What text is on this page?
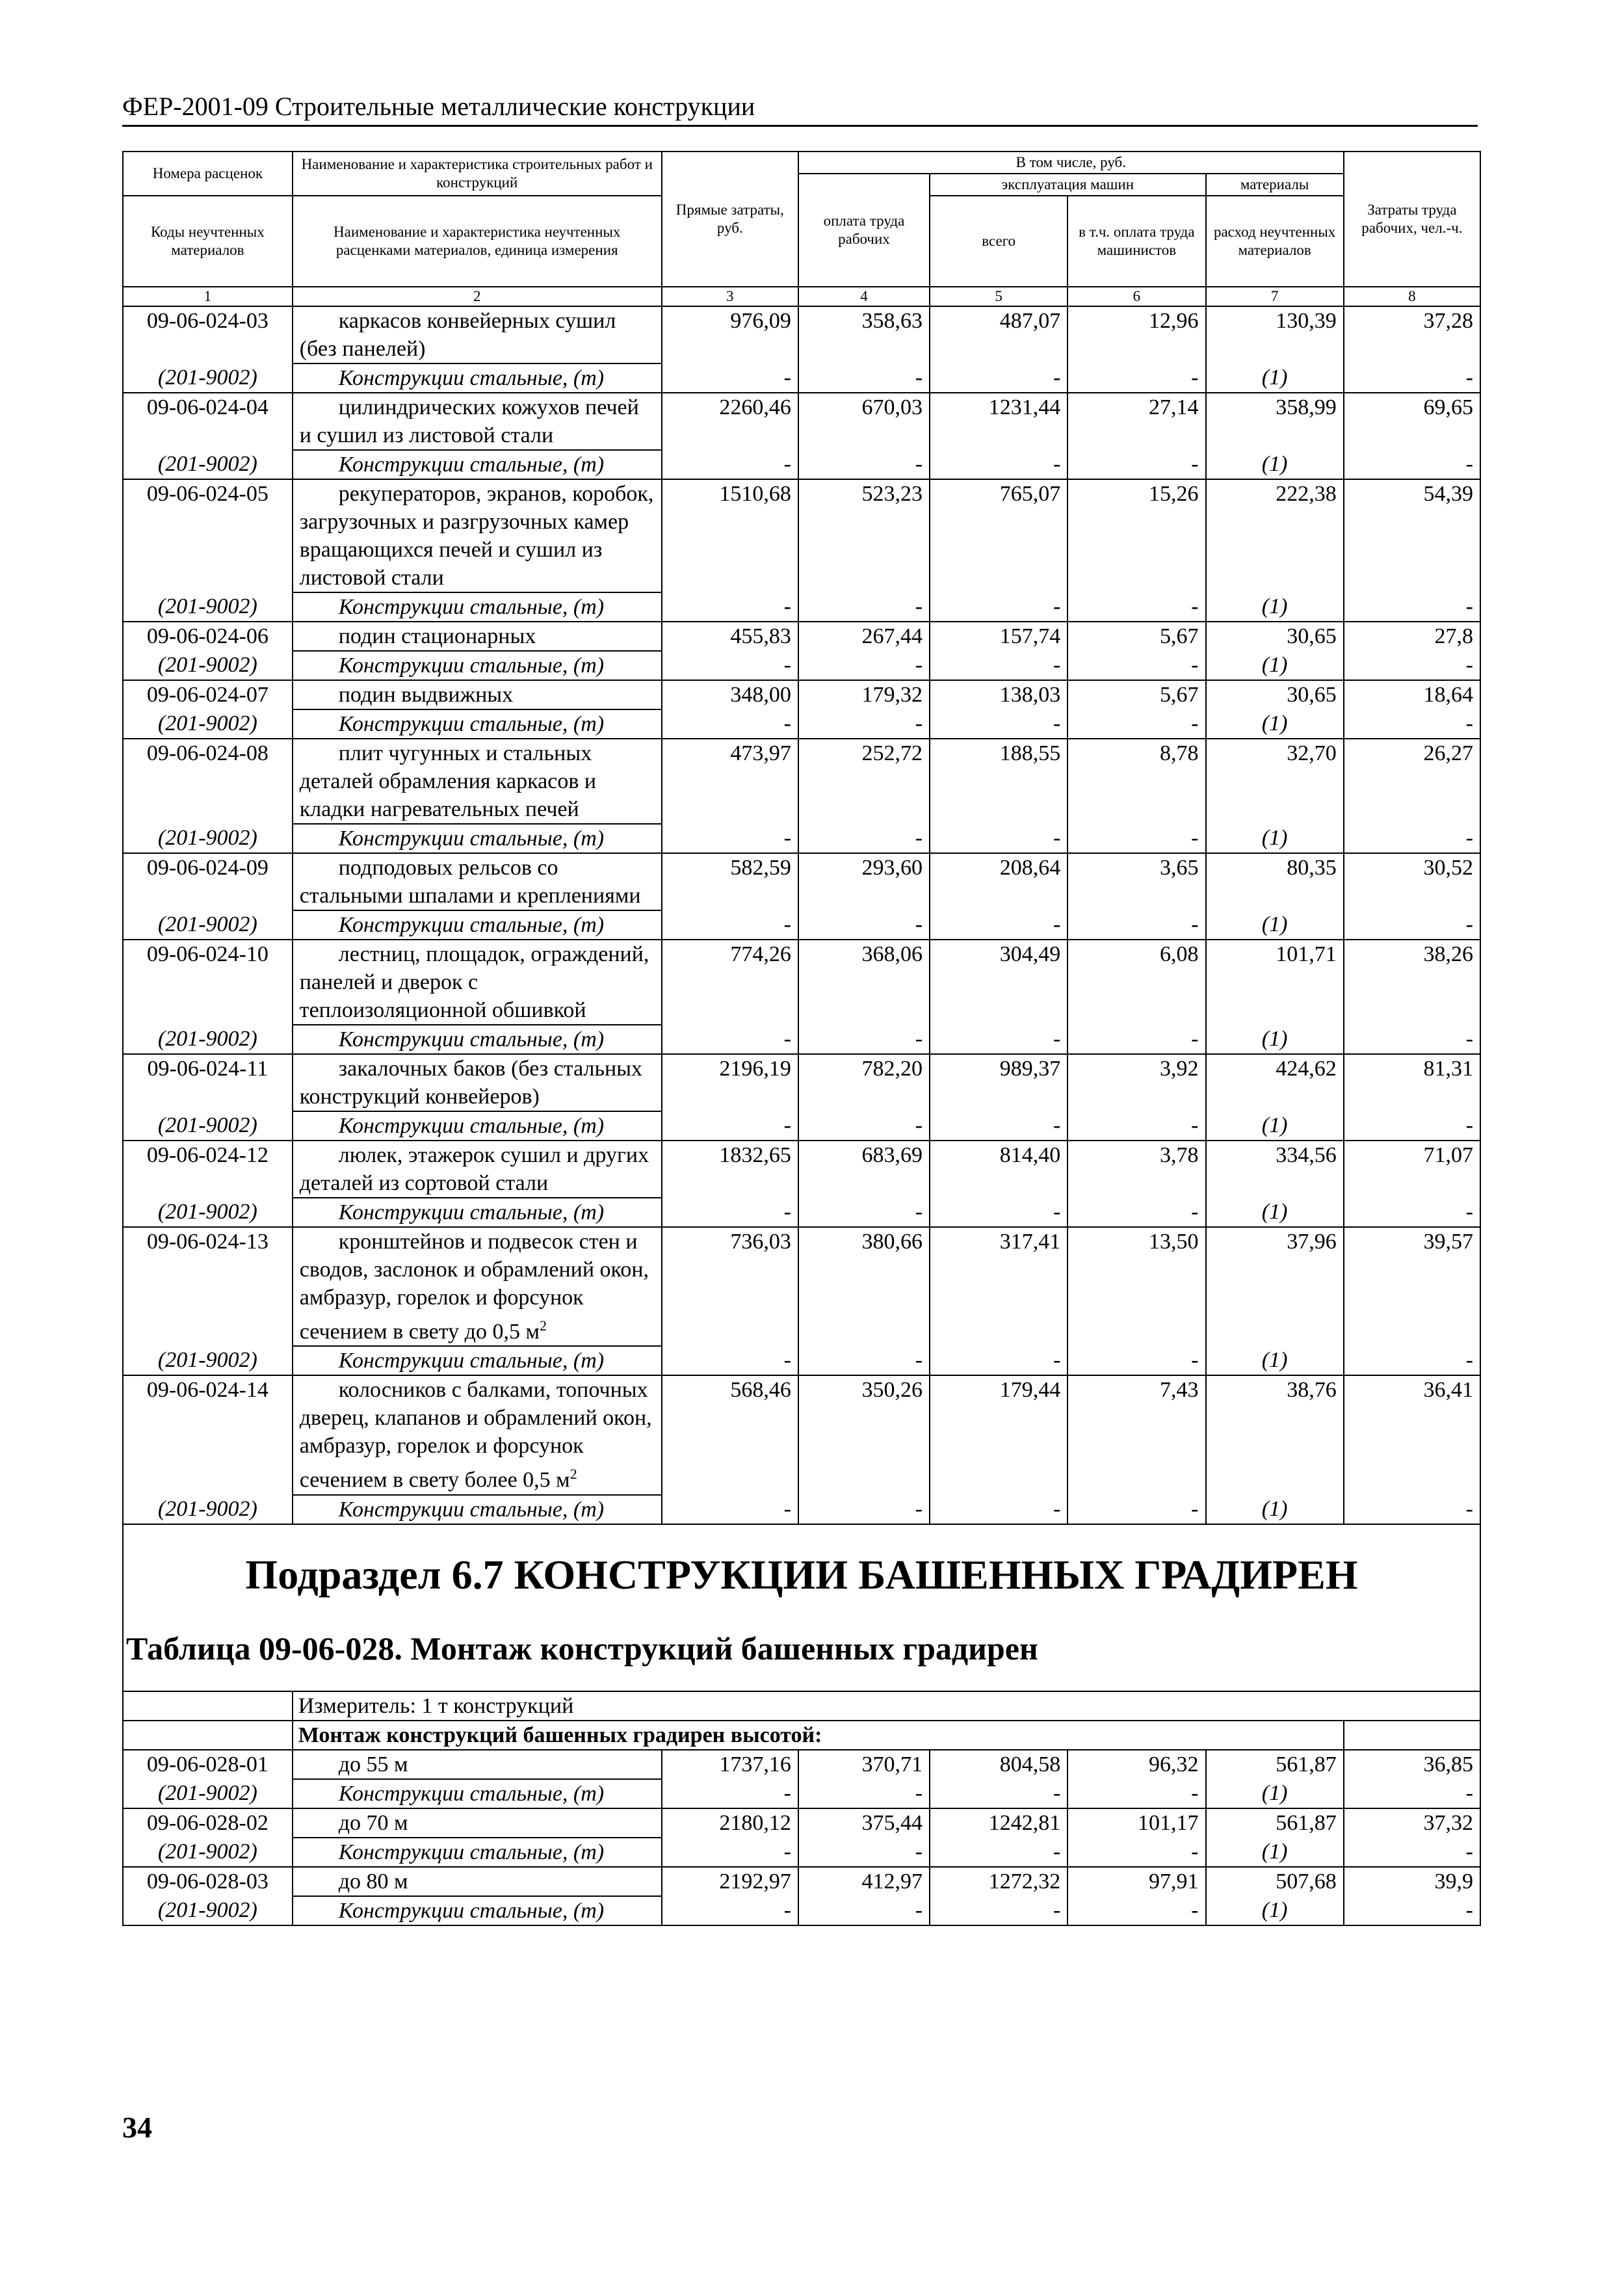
ФЕР-2001-09 Строительные металлические конструкции
Номера расценок	Наименование и характеристика строительных работ и конструкций	Прямые затраты, руб.	В том числе, руб.				Затраты труда рабочих, чел.-ч.
			оплата труда рабочих	эксплуатация машин		материалы	
Коды неучтенных материалов	Наименование и характеристика неучтенных расценками материалов, единица измерения			всего	в т.ч. оплата труда машинистов	расход неучтенных материалов	

1	2	3	4	5	6	7	8
09-06-024-03	каркасов конвейерных сушил (без панелей)	976,09	358,63	487,07	12,96	130,39	37,28
(201-9002)	Конструкции стальные, (т)	-	-	-	-	(1)	-
09-06-024-04	цилиндрических кожухов печей и сушил из листовой стали	2260,46	670,03	1231,44	27,14	358,99	69,65
(201-9002)	Конструкции стальные, (т)	-	-	-	-	(1)	-
09-06-024-05	рекуператоров, экранов, коробок, загрузочных и разгрузочных камер вращающихся печей и сушил из листовой стали	1510,68	523,23	765,07	15,26	222,38	54,39
(201-9002)	Конструкции стальные, (т)	-	-	-	-	(1)	-
09-06-024-06	подин стационарных	455,83	267,44	157,74	5,67	30,65	27,8
(201-9002)	Конструкции стальные, (т)	-	-	-	-	(1)	-
09-06-024-07	подин выдвижных	348,00	179,32	138,03	5,67	30,65	18,64
(201-9002)	Конструкции стальные, (т)	-	-	-	-	(1)	-
09-06-024-08	плит чугунных и стальных деталей обрамления каркасов и кладки нагревательных печей	473,97	252,72	188,55	8,78	32,70	26,27
(201-9002)	Конструкции стальные, (т)	-	-	-	-	(1)	-
09-06-024-09	подподовых рельсов со стальными шпалами и креплениями	582,59	293,60	208,64	3,65	80,35	30,52
(201-9002)	Конструкции стальные, (т)	-	-	-	-	(1)	-
09-06-024-10	лестниц, площадок, ограждений, панелей и дверок с теплоизоляционной обшивкой	774,26	368,06	304,49	6,08	101,71	38,26
(201-9002)	Конструкции стальные, (т)	-	-	-	-	(1)	-
09-06-024-11	закалочных баков (без стальных конструкций конвейеров)	2196,19	782,20	989,37	3,92	424,62	81,31
(201-9002)	Конструкции стальные, (т)	-	-	-	-	(1)	-
09-06-024-12	люлек, этажерок сушил и других деталей из сортовой стали	1832,65	683,69	814,40	3,78	334,56	71,07
(201-9002)	Конструкции стальные, (т)	-	-	-	-	(1)	-
09-06-024-13	кронштейнов и подвесок стен и сводов, заслонок и обрамлений окон, амбразур, горелок и форсунок сечением в свету до 0,5 $м^2$	736,03	380,66	317,41	13,50	37,96	39,57
(201-9002)	Конструкции стальные, (т)	-	-	-	-	(1)	-
09-06-024-14	колосников с балками, топочных дверец, клапанов и обрамлений окон, амбразур, горелок и форсунок сечением в свету более 0,5 $м^2$	568,46	350,26	179,44	7,43	38,76	36,41
(201-9002)	Конструкции стальные, (т)	-	-	-	-	(1)	-

Подраздел 6.7 КОНСТРУКЦИИ БАШЕННЫХ ГРАДИРЕН
Таблица 09-06-028. Монтаж конструкций башенных градирен							

	Измеритель: 1 т конструкций						
	Монтаж конструкций башенных градирен высотой:						
09-06-028-01	до 55 м	1737,16	370,71	804,58	96,32	561,87	36,85
(201-9002)	Конструкции стальные, (т)	-	-	-	-	(1)	-
09-06-028-02	до 70 м	2180,12	375,44	1242,81	101,17	561,87	37,32
(201-9002)	Конструкции стальные, (т)	-	-	-	-	(1)	-
09-06-028-03	до 80 м	2192,97	412,97	1272,32	97,91	507,68	39,9
(201-9002)	Конструкции стальные, (т)	-	-	-	-	(1)	-
34
